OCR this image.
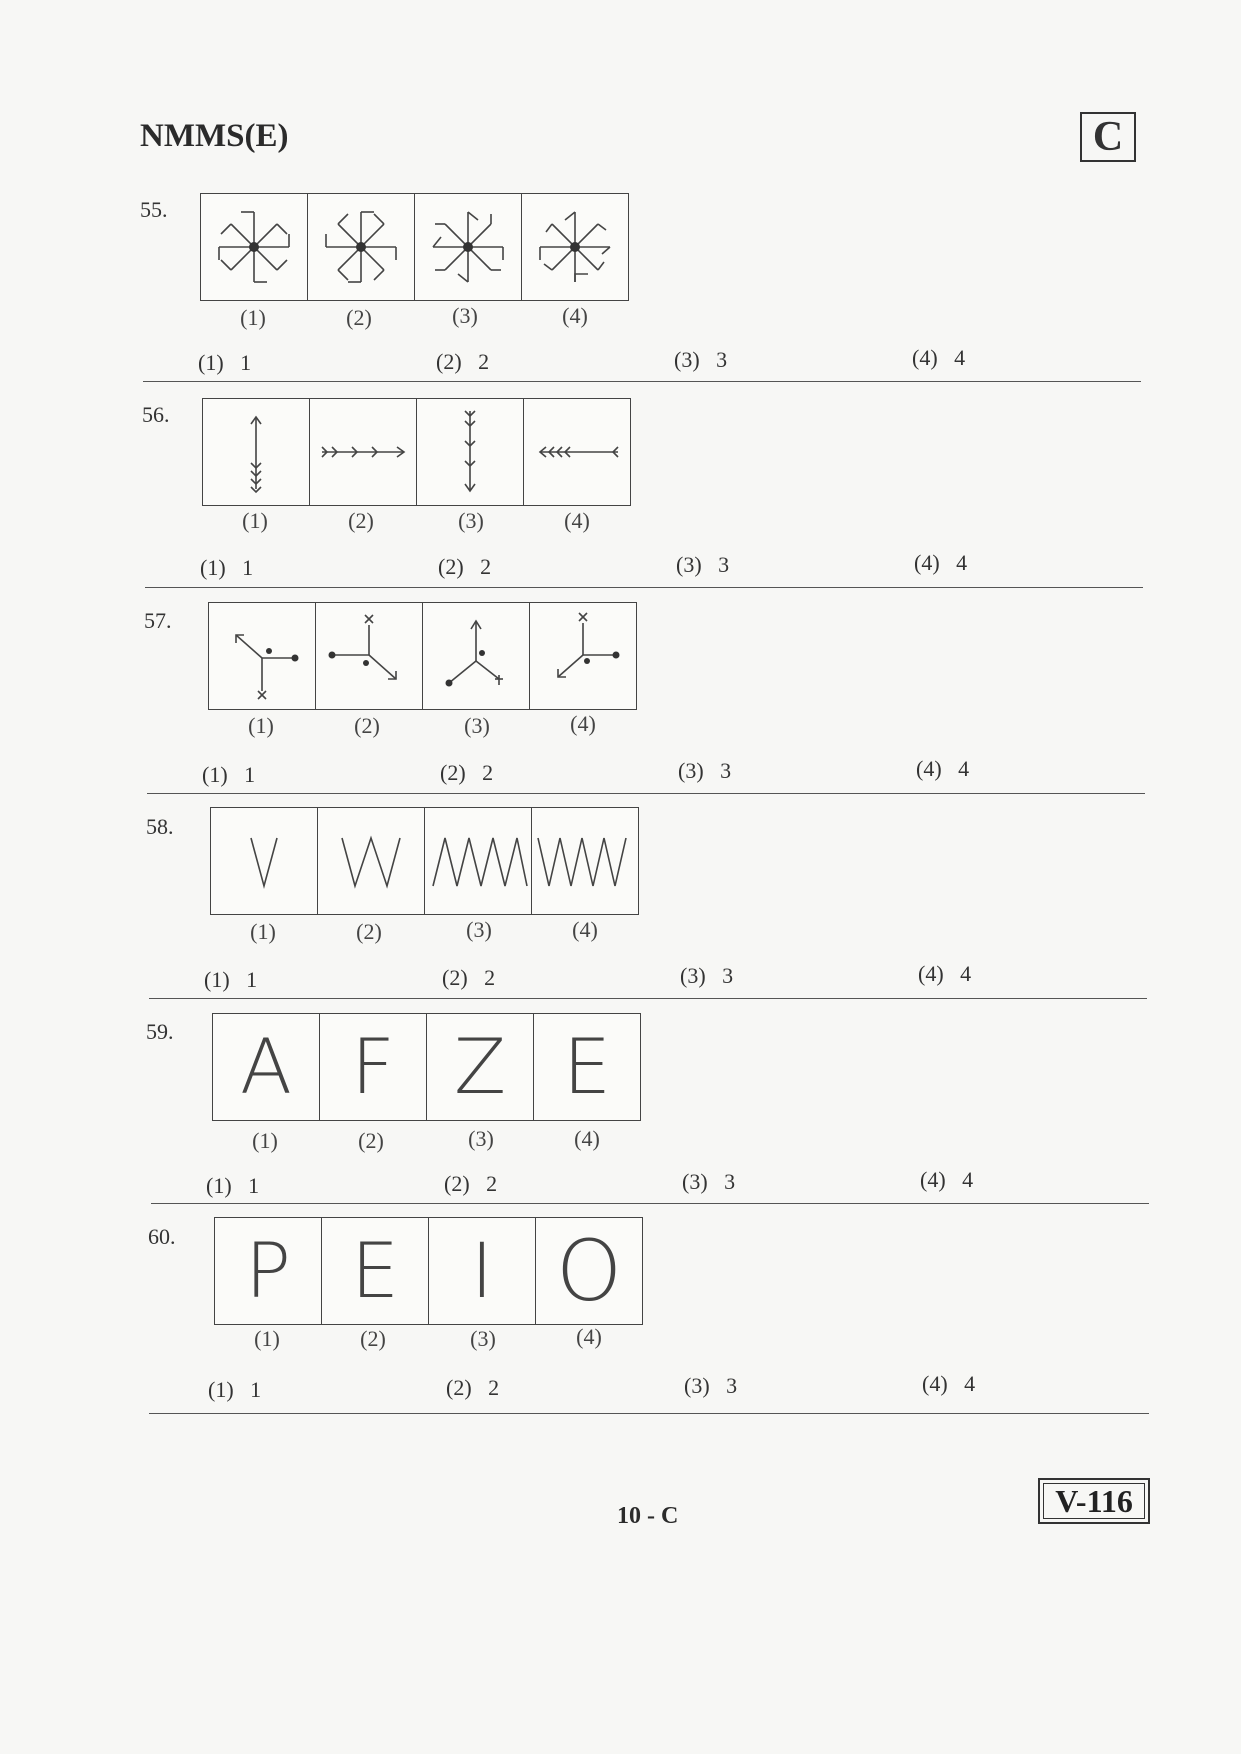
NMMS(E)	C
55.
(1)	(2)	(3)	(4)
(1)   1	(2)   2	(3)   3	(4)   4
56.
(1)	(2)	(3)	(4)
(1)   1	(2)   2	(3)   3	(4)   4
57.
(1)	(2)	(3)	(4)
(1)   1	(2)   2	(3)   3	(4)   4
58.
(1)	(2)	(3)	(4)
(1)   1	(2)   2	(3)   3	(4)   4
59. A F Z E
(1)	(2)	(3)	(4)
(1)   1	(2)   2	(3)   3	(4)   4
60. P E I O
(1)	(2)	(3)	(4)
(1)   1	(2)   2	(3)   3	(4)   4
10 - C	V-116
